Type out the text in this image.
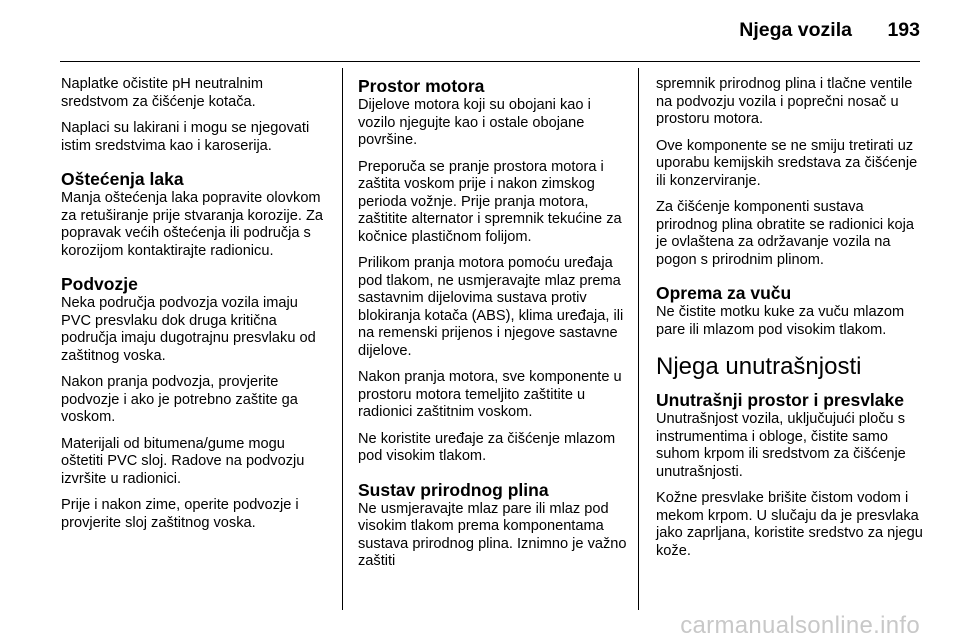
Njega vozila 193

Naplatke očistite pH neutralnim sredstvom za čišćenje kotača.

Naplaci su lakirani i mogu se njegovati istim sredstvima kao i karoserija.

Oštećenja laka

Manja oštećenja laka popravite olovkom za retuširanje prije stvaranja korozije. Za popravak većih oštećenja ili područja s korozijom kontaktirajte radionicu.

Podvozje

Neka područja podvozja vozila imaju PVC presvlaku dok druga kritična područja imaju dugotrajnu presvlaku od zaštitnog voska.

Nakon pranja podvozja, provjerite podvozje i ako je potrebno zaštite ga voskom.

Materijali od bitumena/gume mogu oštetiti PVC sloj. Radove na podvozju izvršite u radionici.

Prije i nakon zime, operite podvozje i provjerite sloj zaštitnog voska.

Prostor motora

Dijelove motora koji su obojani kao i vozilo njegujte kao i ostale obojane površine.

Preporuča se pranje prostora motora i zaštita voskom prije i nakon zimskog perioda vožnje. Prije pranja motora, zaštitite alternator i spremnik tekućine za kočnice plastičnom folijom.

Prilikom pranja motora pomoću uređaja pod tlakom, ne usmjeravajte mlaz prema sastavnim dijelovima sustava protiv blokiranja kotača (ABS), klima uređaja, ili na remenski prijenos i njegove sastavne dijelove.

Nakon pranja motora, sve komponente u prostoru motora temeljito zaštitite u radionici zaštitnim voskom.

Ne koristite uređaje za čišćenje mlazom pod visokim tlakom.

Sustav prirodnog plina

Ne usmjeravajte mlaz pare ili mlaz pod visokim tlakom prema komponentama sustava prirodnog plina. Iznimno je važno zaštiti

spremnik prirodnog plina i tlačne ventile na podvozju vozila i poprečni nosač u prostoru motora.

Ove komponente se ne smiju tretirati uz uporabu kemijskih sredstava za čišćenje ili konzerviranje.

Za čišćenje komponenti sustava prirodnog plina obratite se radionici koja je ovlaštena za održavanje vozila na pogon s prirodnim plinom.

Oprema za vuču

Ne čistite motku kuke za vuču mlazom pare ili mlazom pod visokim tlakom.

Njega unutrašnjosti
Unutrašnji prostor i presvlake

Unutrašnjost vozila, uključujući ploču s instrumentima i obloge, čistite samo suhom krpom ili sredstvom za čišćenje unutrašnjosti.

Kožne presvlake brišite čistom vodom i mekom krpom. U slučaju da je presvlaka jako zaprljana, koristite sredstvo za njegu kože.

carmanualsonline.info
